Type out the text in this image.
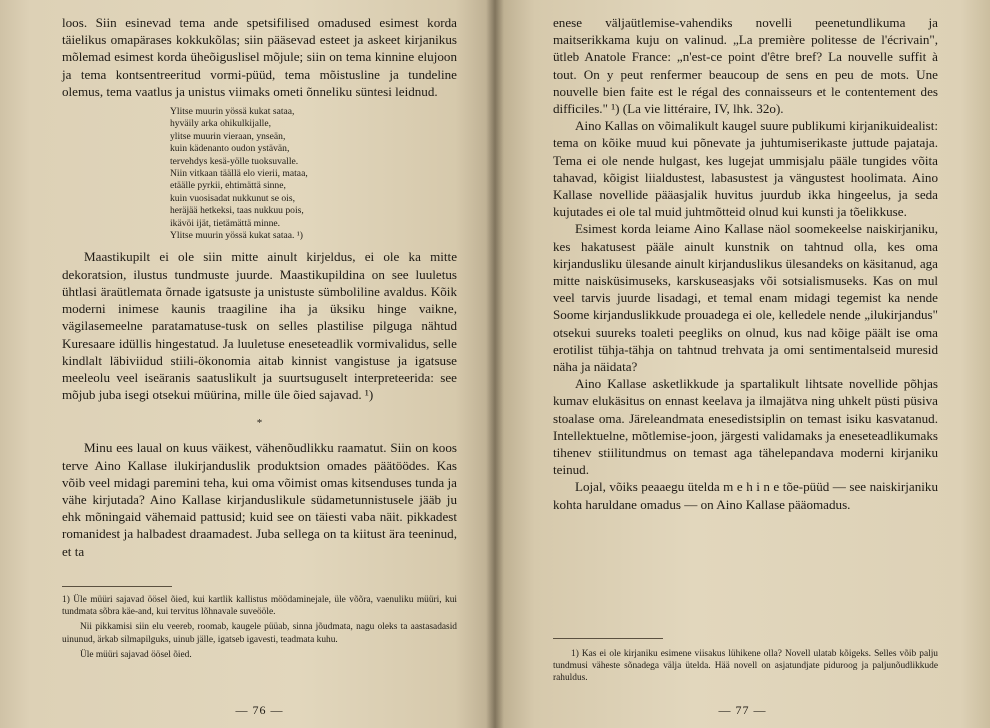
loos. Siin esinevad tema ande spetsifilised omadused esimest korda täielikus omapärases kokkukõlas; siin pääsevad esteet ja askeet kirjanikus mõlemad esimest korda üheõiguslisel mõjule; siin on tema kinnine elujoon ja tema kontsentreeritud vormi-püüd, tema mõistusline ja tundeline olemus, tema vaatlus ja unistus viimaks ometi õnneliku süntesi leidnud.

Ylitse muurin yössä kukat sataa,
hyväily arka ohikulkijalle,
ylitse muurin vieraan, ynseän,
kuin kädenanto oudon ystävän,
tervehdys kesä-yölle tuoksuvalle.
Niin vitkaan täällä elo vierii, mataa,
etäälle pyrkii, ehtimättä sinne,
kuin vuosisadat nukkunut se ois,
heräjää hetkeksi, taas nukkuu pois,
ikävöi ijät, tietämättä minne.
Ylitse muurin yössä kukat sataa. ¹)

Maastikupilt ei ole siin mitte ainult kirjeldus, ei ole ka mitte dekoratsion, ilustus tundmuste juurde. Maastikupildina on see luuletus ühtlasi äraütlemata õrnade igatsuste ja unistuste sümboliline avaldus. Kõik moderni inimese kaunis traagiline iha ja üksiku hinge vaikne, vägilasemeelne paratamatuse-tusk on selles plastilise pilguga nähtud Kuresaare idüllis hingestatud. Ja luuletuse eneseteadlik vormivalidus, selle kindlalt läbiviidud stiili-ökonomia aitab kinnist vangistuse ja igatsuse meeleolu veel iseäranis saatuslikult ja suurtsuguselt interpreteerida: see mõjub juba isegi otsekui müürina, mille üle õied sajavad. ¹)

*

Minu ees laual on kuus väikest, vähenõudlikku raamatut. Siin on koos terve Aino Kallase ilukirjanduslik produktsion omades päätöödes. Kas võib veel midagi paremini teha, kui oma võimist omas kitsenduses tunda ja vähe kirjutada? Aino Kallase kirjanduslikule südametunnistusele jääb ju ehk mõningaid vähemaid pattusid; kuid see on täiesti vaba näit. pikkadest romanidest ja halbadest draamadest. Juba sellega on ta kiitust ära teeninud, et ta

1) Üle müüri sajavad öösel õied, kui kartlik kallistus möödaminejale, üle võõra, vaenuliku müüri, kui tundmata sõbra käe-and, kui tervitus lõhnavale suveööle.

Nii pikkamisi siin elu veereb, roomab, kaugele püüab, sinna jõudmata, nagu oleks ta aastasadasid uinunud, ärkab silmapilguks, uinub jälle, igatseb igavesti, teadmata kuhu.

Üle müüri sajavad öösel õied.

— 76 —

enese väljaütlemise-vahendiks novelli peenetundlikuma ja maitserikkama kuju on valinud. „La première politesse de l'écrivain", ütleb Anatole France: „n'est-ce point d'être bref? La nouvelle suffit à tout. On y peut renfermer beaucoup de sens en peu de mots. Une nouvelle bien faite est le régal des connaisseurs et le contentement des difficiles." ¹) (La vie littéraire, IV, lhk. 32o).

Aino Kallas on võimalikult kaugel suure publikumi kirjanikuidealist: tema on kõike muud kui põnevate ja juhtumiserikaste juttude pajataja. Tema ei ole nende hulgast, kes lugejat ummisjalu pääle tungides võita tahavad, kõigist liialdustest, labasustest ja vängustest hoolimata. Aino Kallase novellide pääasjalik huvitus juurdub ikka hingeelus, ja seda kujutades ei ole tal muid juhtmõtteid olnud kui kunsti ja tõelikkuse.

Esimest korda leiame Aino Kallase näol soomekeelse naiskirjaniku, kes hakatusest pääle ainult kunstnik on tahtnud olla, kes oma kirjandusliku ülesande ainult kirjanduslikus ülesandeks on käsitanud, aga mitte naisküsimuseks, karskuseasjaks või sotsialismuseks. Kas on mul veel tarvis juurde lisadagi, et temal enam midagi tegemist ka nende Soome kirjanduslikkude prouadega ei ole, kelledele nende „ilukirjandus" otsekui suureks toaleti peegliks on olnud, kus nad kõige päält ise oma erotilist tühja-tähja on tahtnud trehvata ja omi sentimentalseid muresid näha ja näidata?

Aino Kallase asketlikkude ja spartalikult lihtsate novellide põhjas kumav elukäsitus on ennast keelava ja ilmajätva ning uhkelt püsti püsiva stoalase oma. Järeleandmata enesedistsiplin on temast isiku kasvatanud. Intellektuelne, mõtlemise-joon, järgesti validamaks ja eneseteadlikumaks tihenev stiilitundmus on temast aga tähelepandava moderni kirjaniku teinud.

Lojal, võiks peaaegu ütelda m e h i n e tõe-püüd — see naiskirjaniku kohta haruldane omadus — on Aino Kallase pääomadus.

1) Kas ei ole kirjaniku esimene viisakus lühikene olla? Novell ulatab kõigeks. Selles võib palju tundmusi väheste sõnadega välja ütelda. Hää novell on asjatundjate piduroog ja paljunõudlikkude rahuldus.

— 77 —
